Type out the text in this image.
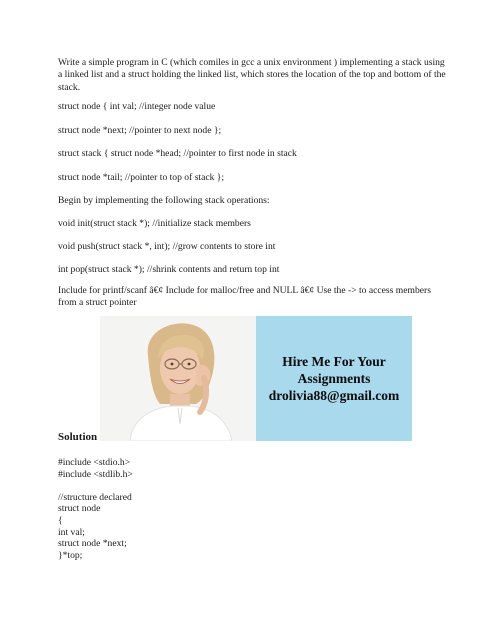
Write a simple program in C (which comiles in gcc a unix environment ) implementing a stack using a linked list and a struct holding the linked list, which stores the location of the top and bottom of the stack.

struct node { int val; //integer node value

struct node *next; //pointer to next node };

struct stack { struct node *head; //pointer to first node in stack

struct node *tail; //pointer to top of stack };

Begin by implementing the following stack operations:

void init(struct stack *); //initialize stack members

void push(struct stack *, int); //grow contents to store int

int pop(struct stack *); //shrink contents and return top int

Include for printf/scanf â€¢ Include for malloc/free and NULL â€¢ Use the -> to access members from a struct pointer

Hire Me For Your
Assignments
drolivia88@gmail.com
Solution
#include <stdio.h>
#include <stdlib.h>
//structure declared
struct node
{
int val;
struct node *next;
}*top;
